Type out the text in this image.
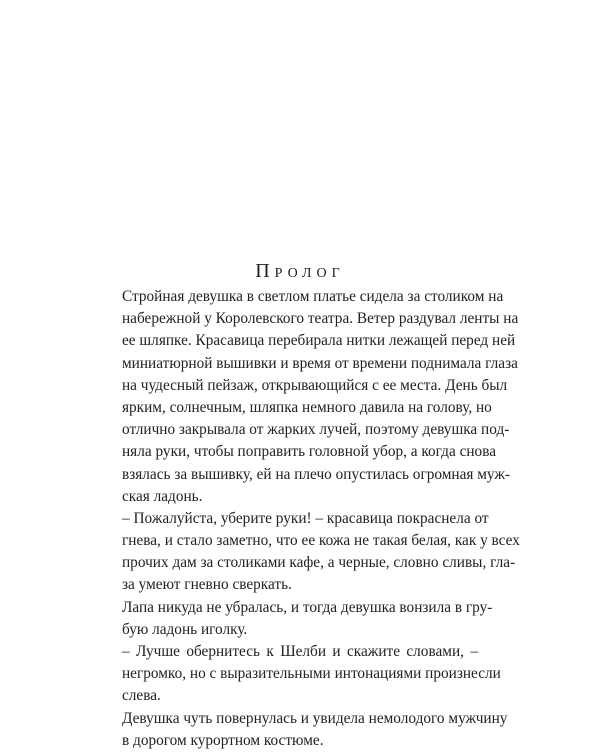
Пролог
Стройная девушка в светлом платье сидела за столиком на
набережной у Королевского театра. Ветер раздувал ленты на
ее шляпке. Красавица перебирала нитки лежащей перед ней
миниатюрной вышивки и время от времени поднимала глаза
на чудесный пейзаж, открывающийся с ее места. День был
ярким, солнечным, шляпка немного давила на голову, но
отлично закрывала от жарких лучей, поэтому девушка под-
няла руки, чтобы поправить головной убор, а когда снова
взялась за вышивку, ей на плечо опустилась огромная муж-
ская ладонь.
– Пожалуйста, уберите руки! – красавица покраснела от
гнева, и стало заметно, что ее кожа не такая белая, как у всех
прочих дам за столиками кафе, а черные, словно сливы, гла-
за умеют гневно сверкать.
Лапа никуда не убралась, и тогда девушка вонзила в гру-
бую ладонь иголку.
– Лучше обернитесь к Шелби и скажите словами, –
негромко, но с выразительными интонациями произнесли
слева.
Девушка чуть повернулась и увидела немолодого мужчину
в дорогом курортном костюме.
